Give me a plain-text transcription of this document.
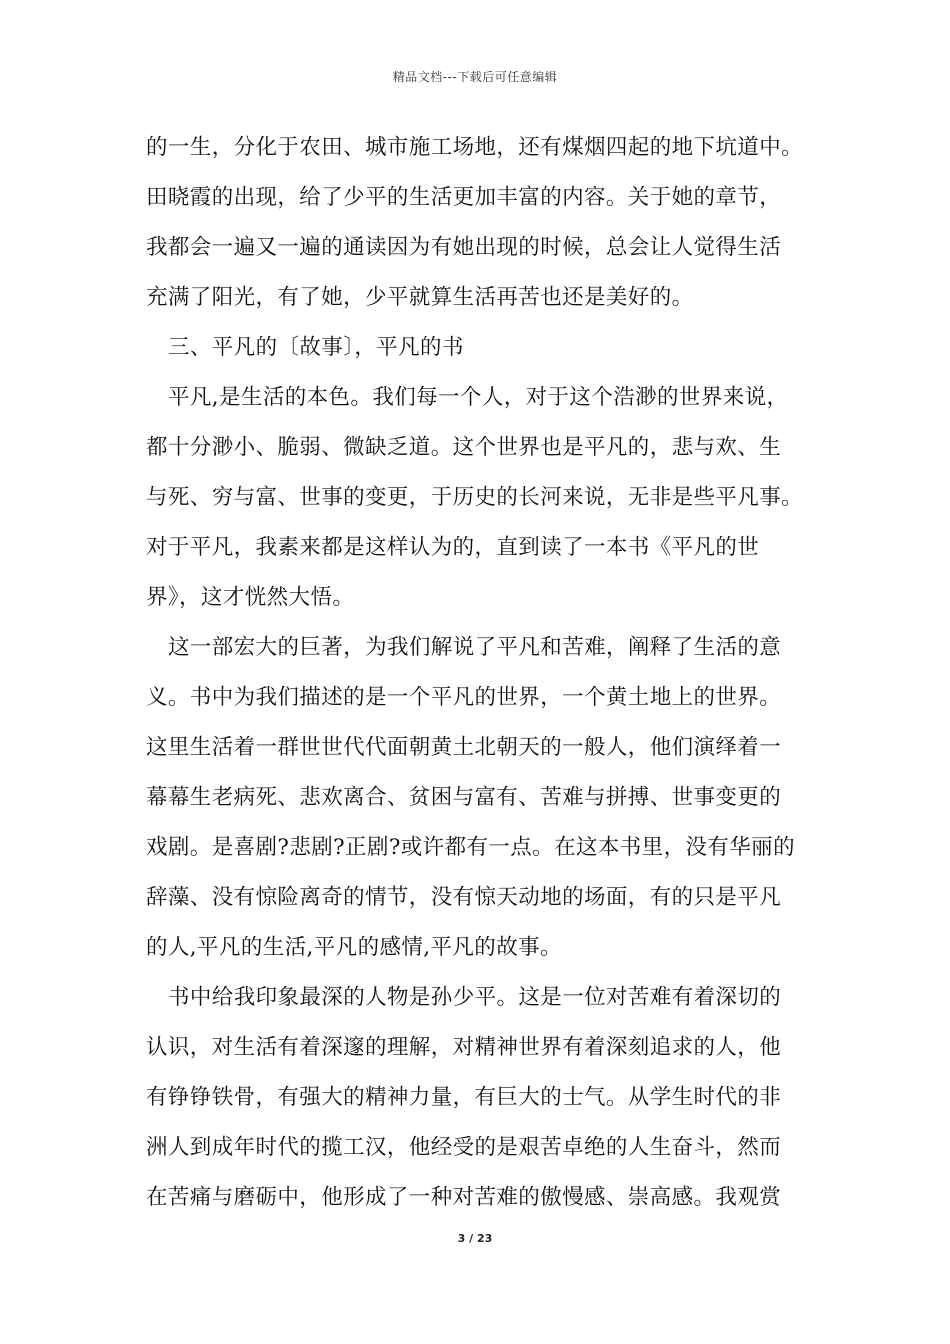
精品文档---下载后可任意编辑
的一生，分化于农田、城市施工场地，还有煤烟四起的地下坑道中。
田晓霞的出现，给了少平的生活更加丰富的内容。关于她的章节，
我都会一遍又一遍的通读因为有她出现的时候，总会让人觉得生活
充满了阳光，有了她，少平就算生活再苦也还是美好的。
三、平凡的〔故事〕，平凡的书
平凡,是生活的本色。我们每一个人，对于这个浩渺的世界来说，
都十分渺小、脆弱、微缺乏道。这个世界也是平凡的，悲与欢、生
与死、穷与富、世事的变更，于历史的长河来说，无非是些平凡事。
对于平凡，我素来都是这样认为的，直到读了一本书《平凡的世
界》，这才恍然大悟。
这一部宏大的巨著，为我们解说了平凡和苦难，阐释了生活的意
义。书中为我们描述的是一个平凡的世界，一个黄土地上的世界。
这里生活着一群世世代代面朝黄土北朝天的一般人，他们演绎着一
幕幕生老病死、悲欢离合、贫困与富有、苦难与拼搏、世事变更的
戏剧。是喜剧?悲剧?正剧?或许都有一点。在这本书里，没有华丽的
辞藻、没有惊险离奇的情节，没有惊天动地的场面，有的只是平凡
的人,平凡的生活,平凡的感情,平凡的故事。
书中给我印象最深的人物是孙少平。这是一位对苦难有着深切的
认识，对生活有着深邃的理解，对精神世界有着深刻追求的人，他
有铮铮铁骨，有强大的精神力量，有巨大的士气。从学生时代的非
洲人到成年时代的揽工汉，他经受的是艰苦卓绝的人生奋斗，然而
在苦痛与磨砺中，他形成了一种对苦难的傲慢感、崇高感。我观赏
3 / 23
